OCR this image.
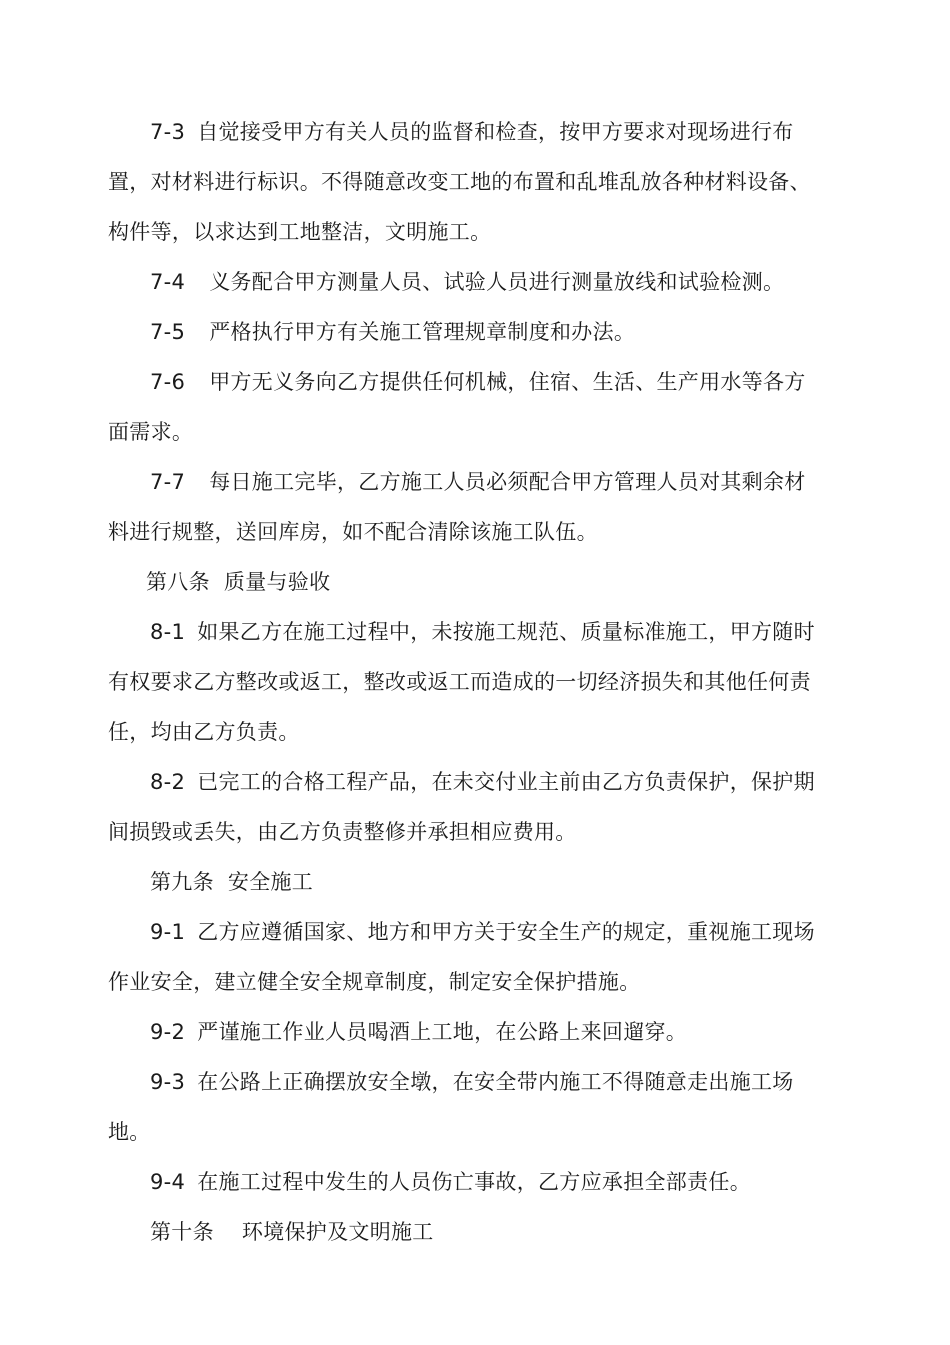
7-3 自觉接受甲方有关人员的监督和检查，按甲方要求对现场进行布
置，对材料进行标识。不得随意改变工地的布置和乱堆乱放各种材料设备、
构件等，以求达到工地整洁，文明施工。
7-4 义务配合甲方测量人员、试验人员进行测量放线和试验检测。
7-5 严格执行甲方有关施工管理规章制度和办法。
7-6 甲方无义务向乙方提供任何机械，住宿、生活、生产用水等各方
面需求。
7-7 每日施工完毕，乙方施工人员必须配合甲方管理人员对其剩余材
料进行规整，送回库房，如不配合清除该施工队伍。
第八条 质量与验收
8-1 如果乙方在施工过程中，未按施工规范、质量标准施工，甲方随时
有权要求乙方整改或返工，整改或返工而造成的一切经济损失和其他任何责
任，均由乙方负责。
8-2 已完工的合格工程产品，在未交付业主前由乙方负责保护，保护期
间损毁或丢失，由乙方负责整修并承担相应费用。
第九条 安全施工
9-1 乙方应遵循国家、地方和甲方关于安全生产的规定，重视施工现场
作业安全，建立健全安全规章制度，制定安全保护措施。
9-2 严谨施工作业人员喝酒上工地，在公路上来回遛穿。
9-3 在公路上正确摆放安全墩，在安全带内施工不得随意走出施工场
地。
9-4 在施工过程中发生的人员伤亡事故，乙方应承担全部责任。
第十条 环境保护及文明施工
